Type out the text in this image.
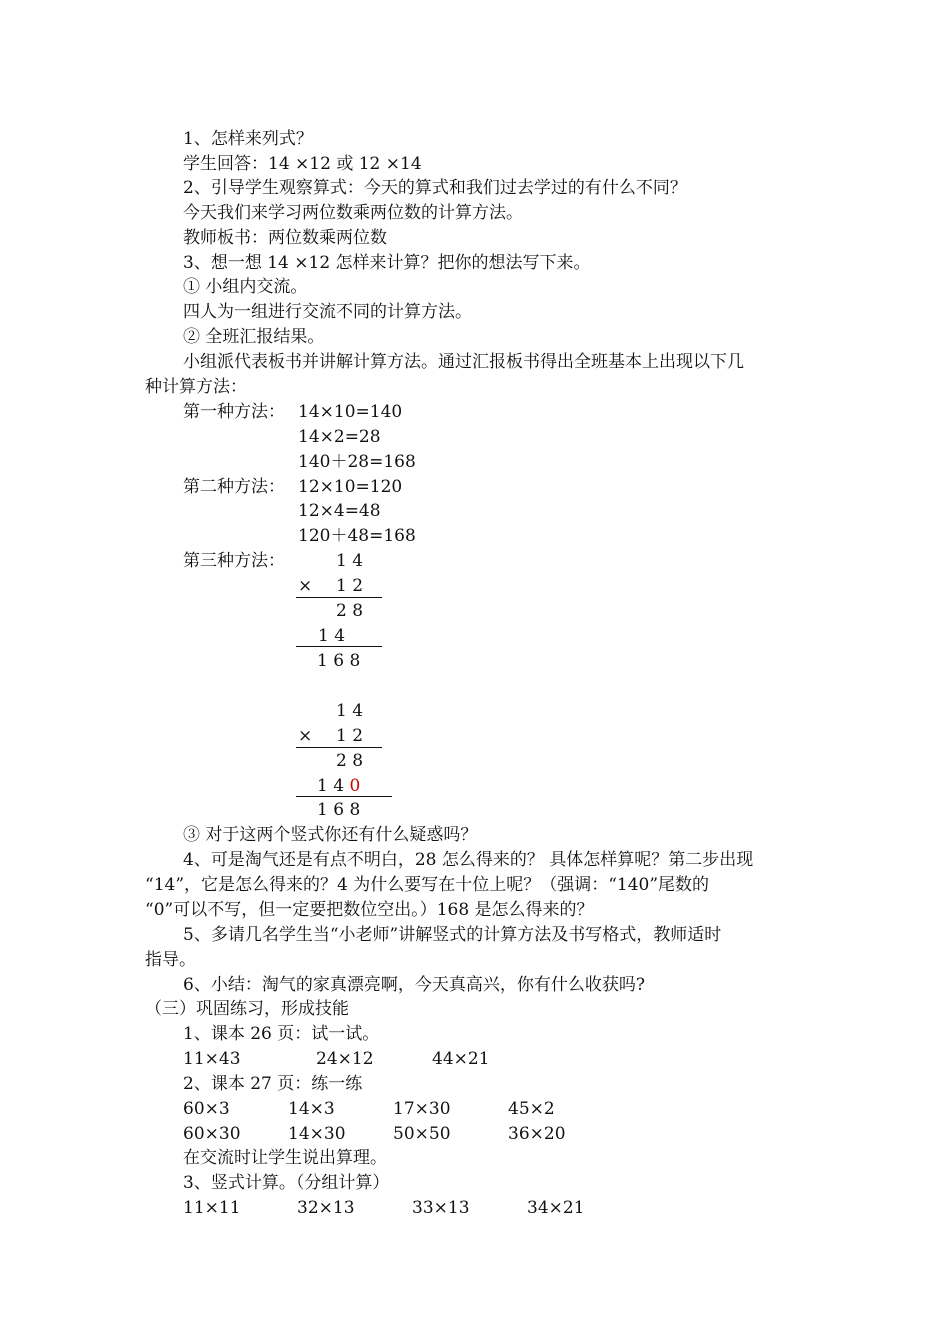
1、怎样来列式？
学生回答：14 ×12 或 12 ×14
2、引导学生观察算式：今天的算式和我们过去学过的有什么不同？
今天我们来学习两位数乘两位数的计算方法。
教师板书：两位数乘两位数
3、想一想 14 ×12 怎样来计算？把你的想法写下来。
① 小组内交流。
四人为一组进行交流不同的计算方法。
② 全班汇报结果。
小组派代表板书并讲解计算方法。通过汇报板书得出全班基本上出现以下几
种计算方法：
第一种方法： 14×10=140
14×2=28
140＋28=168
第二种方法： 12×10=120
12×4=48
120＋48=168
第三种方法：	1 4
× 1 2
2 8
1 4
1 6 8
1 4
× 1 2
2 8
1 4 0
1 6 8
③ 对于这两个竖式你还有什么疑惑吗？
4、可是淘气还是有点不明白，28 怎么得来的？ 具体怎样算呢？第二步出现
“14”，它是怎么得来的？4 为什么要写在十位上呢？（强调：“140”尾数的
“0”可以不写，但一定要把数位空出。）168 是怎么得来的？
5、多请几名学生当“小老师”讲解竖式的计算方法及书写格式，教师适时
指导。
6、小结：淘气的家真漂亮啊，今天真高兴，你有什么收获吗?
（三）巩固练习，形成技能
1、课本 26 页：试一试。
11×43	24×12	44×21
2、课本 27 页：练一练
60×3	14×3	17×30	45×2
60×30	14×30	50×50	36×20
在交流时让学生说出算理。
3、竖式计算。（分组计算）
11×11	32×13	33×13	34×21
